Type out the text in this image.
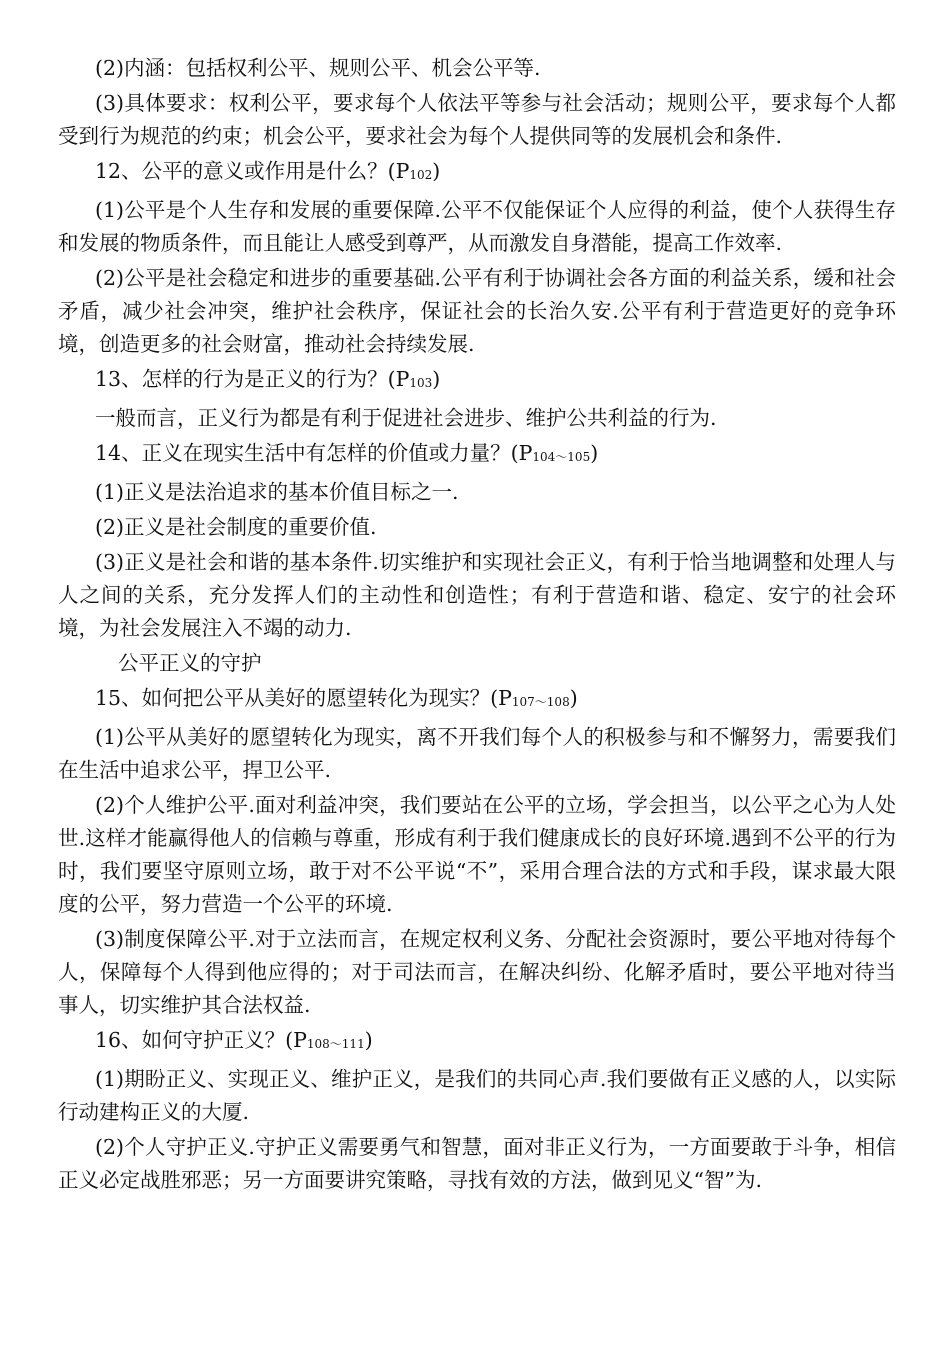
(2)内涵：包括权利公平、规则公平、机会公平等.

(3)具体要求：权利公平，要求每个人依法平等参与社会活动；规则公平，要求每个人都受到行为规范的约束；机会公平，要求社会为每个人提供同等的发展机会和条件.

12、公平的意义或作用是什么？(P102)

(1)公平是个人生存和发展的重要保障.公平不仅能保证个人应得的利益，使个人获得生存和发展的物质条件，而且能让人感受到尊严，从而激发自身潜能，提高工作效率.

(2)公平是社会稳定和进步的重要基础.公平有利于协调社会各方面的利益关系，缓和社会矛盾，减少社会冲突，维护社会秩序，保证社会的长治久安.公平有利于营造更好的竞争环境，创造更多的社会财富，推动社会持续发展.

13、怎样的行为是正义的行为？(P103)

一般而言，正义行为都是有利于促进社会进步、维护公共利益的行为.

14、正义在现实生活中有怎样的价值或力量？(P104～105)

(1)正义是法治追求的基本价值目标之一.

(2)正义是社会制度的重要价值.

(3)正义是社会和谐的基本条件.切实维护和实现社会正义，有利于恰当地调整和处理人与人之间的关系，充分发挥人们的主动性和创造性；有利于营造和谐、稳定、安宁的社会环境，为社会发展注入不竭的动力.

公平正义的守护

15、如何把公平从美好的愿望转化为现实？(P107～108)

(1)公平从美好的愿望转化为现实，离不开我们每个人的积极参与和不懈努力，需要我们在生活中追求公平，捍卫公平.

(2)个人维护公平.面对利益冲突，我们要站在公平的立场，学会担当，以公平之心为人处世.这样才能赢得他人的信赖与尊重，形成有利于我们健康成长的良好环境.遇到不公平的行为时，我们要坚守原则立场，敢于对不公平说“不”，采用合理合法的方式和手段，谋求最大限度的公平，努力营造一个公平的环境.

(3)制度保障公平.对于立法而言，在规定权利义务、分配社会资源时，要公平地对待每个人，保障每个人得到他应得的；对于司法而言，在解决纠纷、化解矛盾时，要公平地对待当事人，切实维护其合法权益.

16、如何守护正义？(P108～111)

(1)期盼正义、实现正义、维护正义，是我们的共同心声.我们要做有正义感的人，以实际行动建构正义的大厦.

(2)个人守护正义.守护正义需要勇气和智慧，面对非正义行为，一方面要敢于斗争，相信正义必定战胜邪恶；另一方面要讲究策略，寻找有效的方法，做到见义“智”为.
